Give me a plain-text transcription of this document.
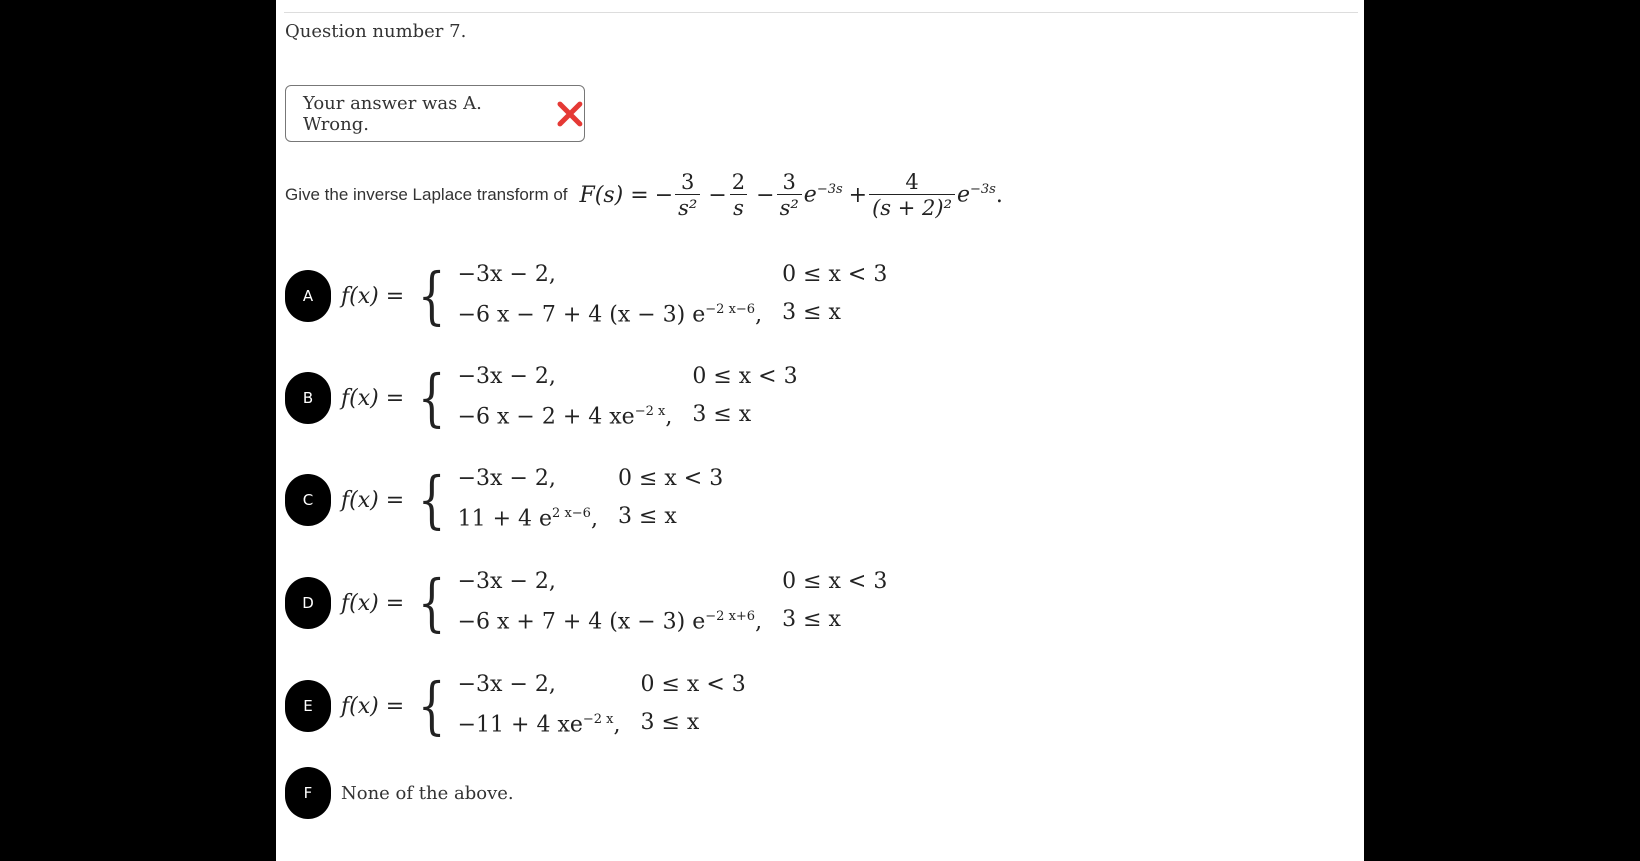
Question number 7.
Your answer was A. Wrong.
Give the inverse Laplace transform of F(s) = − $\frac{3}{\text{s²}} - \frac{2}{s} - \frac{3}{\text{s²}} e^{-3s} + \frac{4}{\text{(s + 2)²}} e^{-3s}$ .
A	f(x) = { −3x − 2,	0 ≤ x < 3
−6 x − 7 + 4 (x − 3) $e^{-2 x-6}$,	3 ≤ x
B	f(x) = { −3x − 2,	0 ≤ x < 3
−6 x − 2 + 4 $xe^{-2 x}$,	3 ≤ x
C	f(x) = { −3x − 2,	0 ≤ x < 3
11 + 4 $e^{2 x-6}$,	3 ≤ x
D	f(x) = { −3x − 2,	0 ≤ x < 3
−6 x + 7 + 4 (x − 3) $e^{-2 x+6}$,	3 ≤ x
E	f(x) = { −3x − 2,	0 ≤ x < 3
−11 + 4 $xe^{-2 x}$,	3 ≤ x
F	None of the above.
